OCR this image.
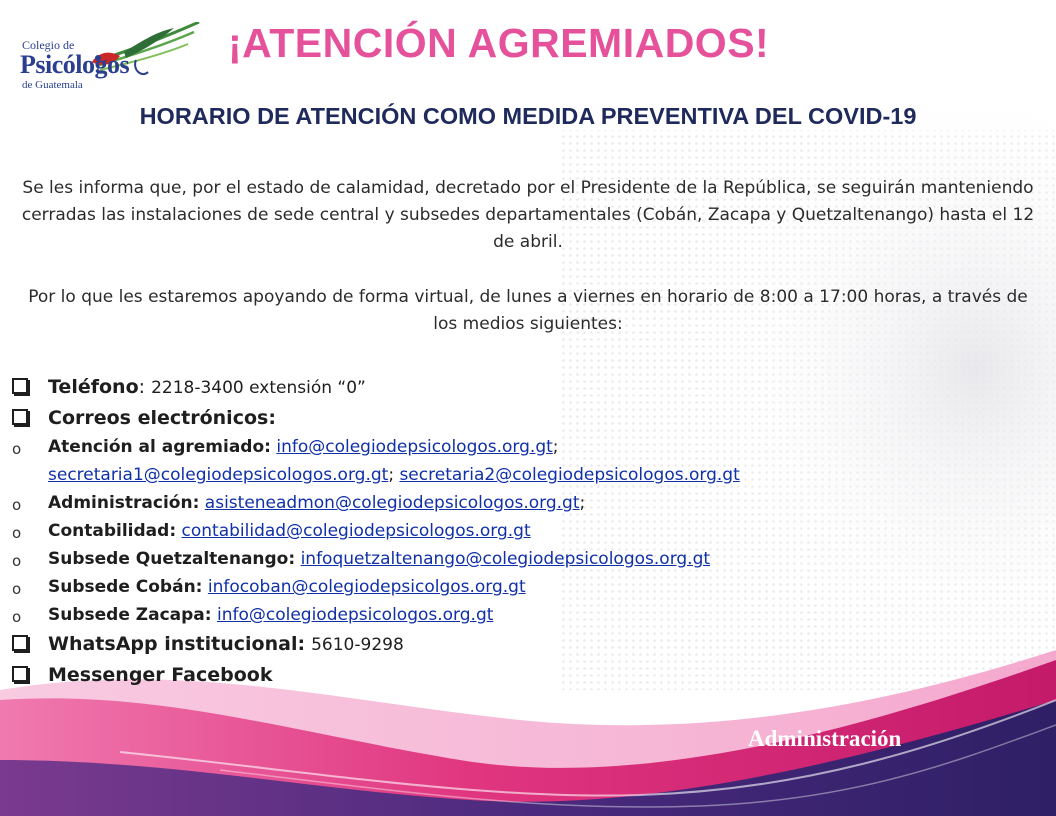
Colegio de
Psicólogos
de Guatemala
¡ATENCIÓN AGREMIADOS!
HORARIO DE ATENCIÓN COMO MEDIDA PREVENTIVA DEL COVID-19

Se les informa que, por el estado de calamidad, decretado por el Presidente de la República, se seguirán manteniendo cerradas las instalaciones de sede central y subsedes departamentales (Cobán, Zacapa y Quetzaltenango) hasta el 12 de abril.

Por lo que les estaremos apoyando de forma virtual, de lunes a viernes en horario de 8:00 a 17:00 horas, a través de los medios siguientes:

Teléfono: 2218-3400 extensión “0”
Correos electrónicos:
o Atención al agremiado: info@colegiodepsicologos.org.gt;
secretaria1@colegiodepsicologos.org.gt; secretaria2@colegiodepsicologos.org.gt
o Administración: asisteneadmon@colegiodepsicologos.org.gt;
o Contabilidad: contabilidad@colegiodepsicologos.org.gt
o Subsede Quetzaltenango: infoquetzaltenango@colegiodepsicologos.org.gt
o Subsede Cobán: infocoban@colegiodepsicolgos.org.gt
o Subsede Zacapa: info@colegiodepsicologos.org.gt
WhatsApp institucional: 5610-9298
Messenger Facebook
Administración
